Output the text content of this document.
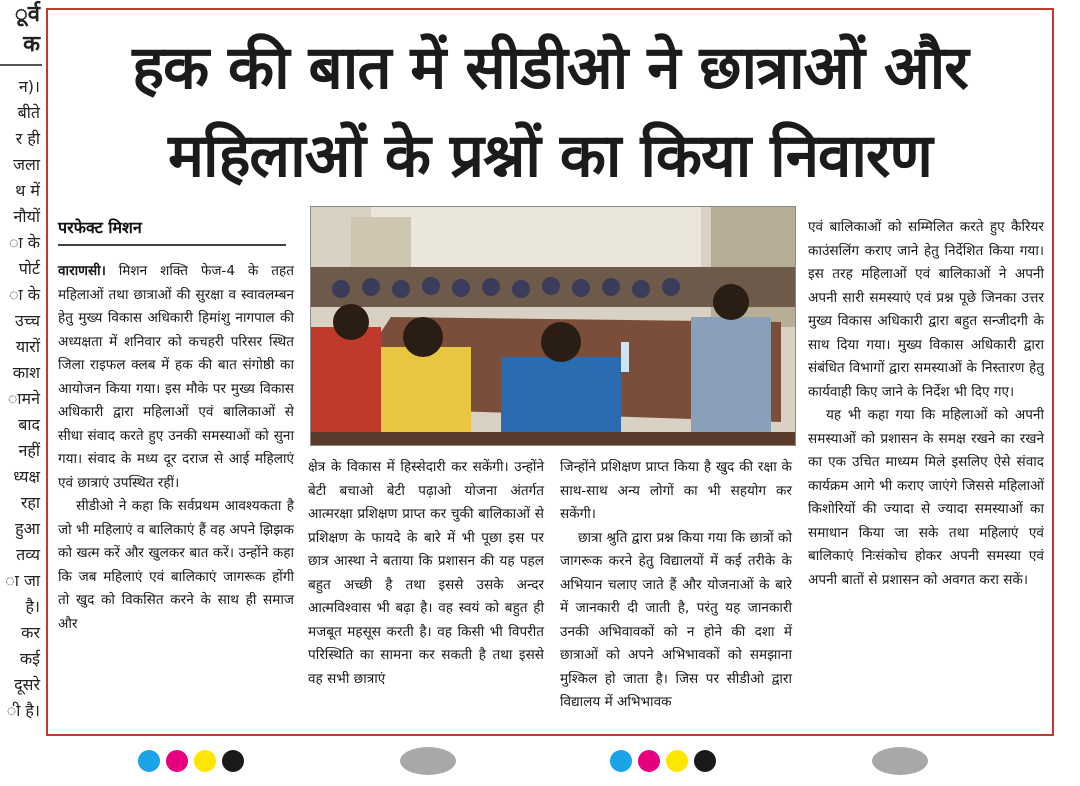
ूर्व
क
न)।
बीते
र ही
जला
थ में
नौयों
ा के
पोर्ट
ा के
उच्च
यारों
काश
ामने
बाद
नहीं
ध्यक्ष
रहा
हुआ
तव्य
ा जा
है।
कर
कई
दूसरे
ी है।
हक की बात में सीडीओ ने छात्राओं और
महिलाओं के प्रश्नों का किया निवारण
परफेक्ट मिशन

वाराणसी। मिशन शक्ति फेज-4 के तहत महिलाओं तथा छात्राओं की सुरक्षा व स्वावलम्बन हेतु मुख्य विकास अधिकारी हिमांशु नागपाल की अध्यक्षता में शनिवार को कचहरी परिसर स्थित जिला राइफल क्लब में हक की बात संगोष्ठी का आयोजन किया गया। इस मौके पर मुख्य विकास अधिकारी द्वारा महिलाओं एवं बालिकाओं से सीधा संवाद करते हुए उनकी समस्याओं को सुना गया। संवाद के मध्य दूर दराज से आई महिलाएं एवं छात्राएं उपस्थित रहीं।

सीडीओ ने कहा कि सर्वप्रथम आवश्यकता है जो भी महिलाएं व बालिकाएं हैं वह अपने झिझक को खत्म करें और खुलकर बात करें। उन्होंने कहा कि जब महिलाएं एवं बालिकाएं जागरूक होंगी तो खुद को विकसित करने के साथ ही समाज और

क्षेत्र के विकास में हिस्सेदारी कर सकेंगी। उन्होंने बेटी बचाओ बेटी पढ़ाओ योजना अंतर्गत आत्मरक्षा प्रशिक्षण प्राप्त कर चुकी बालिकाओं से प्रशिक्षण के फायदे के बारे में भी पूछा इस पर छात्र आस्था ने बताया कि प्रशासन की यह पहल बहुत अच्छी है तथा इससे उसके अन्दर आत्मविश्वास भी बढ़ा है। वह स्वयं को बहुत ही मजबूत महसूस करती है। वह किसी भी विपरीत परिस्थिति का सामना कर सकती है तथा इससे वह सभी छात्राएं

जिन्होंने प्रशिक्षण प्राप्त किया है खुद की रक्षा के साथ-साथ अन्य लोगों का भी सहयोग कर सकेंगी।

छात्रा श्रुति द्वारा प्रश्न किया गया कि छात्रों को जागरूक करने हेतु विद्यालयों में कई तरीके के अभियान चलाए जाते हैं और योजनाओं के बारे में जानकारी दी जाती है, परंतु यह जानकारी उनकी अभिवावकों को न होने की दशा में छात्राओं को अपने अभिभावकों को समझाना मुश्किल हो जाता है। जिस पर सीडीओ द्वारा विद्यालय में अभिभावक

एवं बालिकाओं को सम्मिलित करते हुए कैरियर काउंसलिंग कराए जाने हेतु निर्देशित किया गया। इस तरह महिलाओं एवं बालिकाओं ने अपनी अपनी सारी समस्याएं एवं प्रश्न पूछे जिनका उत्तर मुख्य विकास अधिकारी द्वारा बहुत सन्जीदगी के साथ दिया गया। मुख्य विकास अधिकारी द्वारा संबंधित विभागों द्वारा समस्याओं के निस्तारण हेतु कार्यवाही किए जाने के निर्देश भी दिए गए।

यह भी कहा गया कि महिलाओं को अपनी समस्याओं को प्रशासन के समक्ष रखने का रखने का एक उचित माध्यम मिले इसलिए ऐसे संवाद कार्यक्रम आगे भी कराए जाएंगे जिससे महिलाओं किशोरियों की ज्यादा से ज्यादा समस्याओं का समाधान किया जा सके तथा महिलाएं एवं बालिकाएं निःसंकोच होकर अपनी समस्या एवं अपनी बातों से प्रशासन को अवगत करा सकें।
